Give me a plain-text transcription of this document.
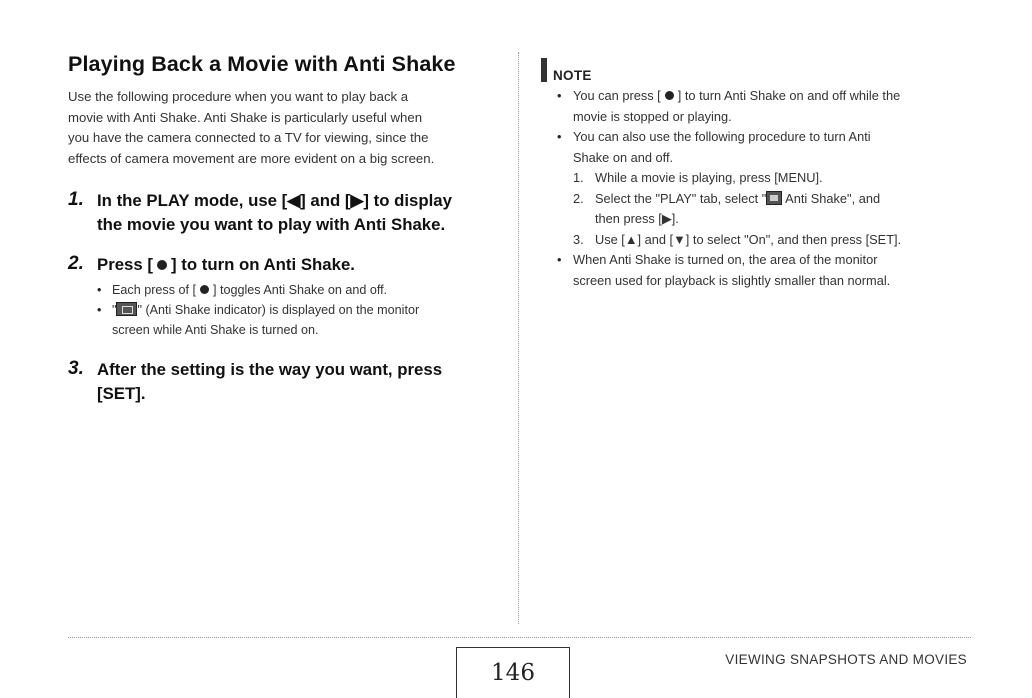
Playing Back a Movie with Anti Shake

Use the following procedure when you want to play back a

movie with Anti Shake. Anti Shake is particularly useful when

you have the camera connected to a TV for viewing, since the

effects of camera movement are more evident on a big screen.

1. In the PLAY mode, use [◀] and [▶] to display
the movie you want to play with Anti Shake.
2. Press [ ] to turn on Anti Shake.
• Each press of [ ] toggles Anti Shake on and off.
• " " (Anti Shake indicator) is displayed on the monitor
screen while Anti Shake is turned on.
3. After the setting is the way you want, press
[SET].
NOTE
• You can press [ ] to turn Anti Shake on and off while the
movie is stopped or playing.
• You can also use the following procedure to turn Anti
Shake on and off.
1. While a movie is playing, press [MENU].
2. Select the "PLAY" tab, select " Anti Shake", and
then press [▶].
3. Use [▲] and [▼] to select "On", and then press [SET].
• When Anti Shake is turned on, the area of the monitor
screen used for playback is slightly smaller than normal.
146
VIEWING SNAPSHOTS AND MOVIES
